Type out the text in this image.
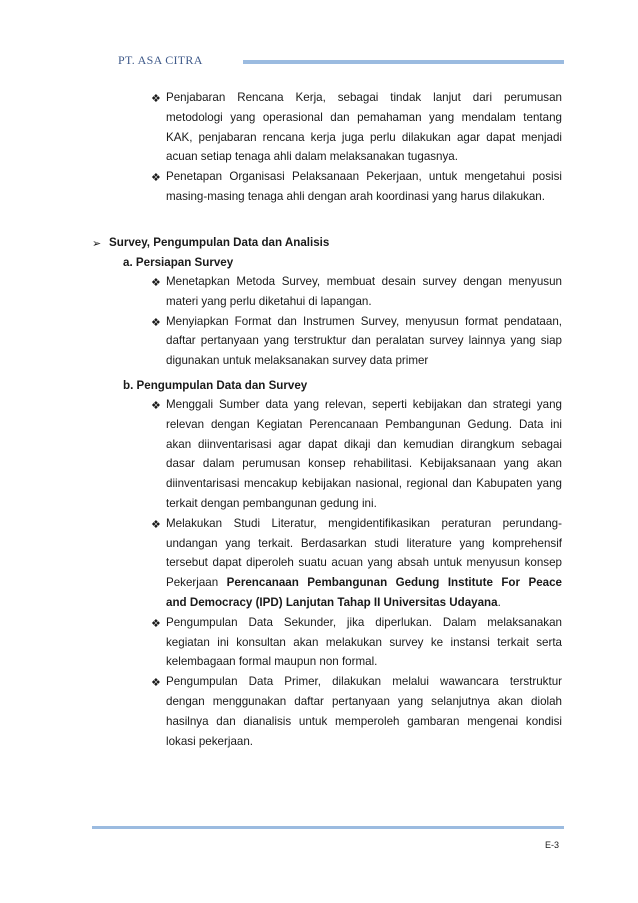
PT. ASA CITRA
❖ Penjabaran Rencana Kerja, sebagai tindak lanjut dari perumusan
metodologi yang operasional dan pemahaman yang mendalam tentang
KAK, penjabaran rencana kerja juga perlu dilakukan agar dapat menjadi
acuan setiap tenaga ahli dalam melaksanakan tugasnya.
❖ Penetapan Organisasi Pelaksanaan Pekerjaan, untuk mengetahui posisi
masing-masing tenaga ahli dengan arah koordinasi yang harus dilakukan.
➢ Survey, Pengumpulan Data dan Analisis
a. Persiapan Survey
❖ Menetapkan Metoda Survey, membuat desain survey dengan menyusun
materi yang perlu diketahui di lapangan.
❖ Menyiapkan Format dan Instrumen Survey, menyusun format pendataan,
daftar pertanyaan yang terstruktur dan peralatan survey lainnya yang siap
digunakan untuk melaksanakan survey data primer
b. Pengumpulan Data dan Survey
❖ Menggali Sumber data yang relevan, seperti kebijakan dan strategi yang
relevan dengan Kegiatan Perencanaan Pembangunan Gedung. Data ini
akan diinventarisasi agar dapat dikaji dan kemudian dirangkum sebagai
dasar dalam perumusan konsep rehabilitasi. Kebijaksanaan yang akan
diinventarisasi mencakup kebijakan nasional, regional dan Kabupaten yang
terkait dengan pembangunan gedung ini.
❖ Melakukan Studi Literatur, mengidentifikasikan peraturan perundang-
undangan yang terkait. Berdasarkan studi literature yang komprehensif
tersebut dapat diperoleh suatu acuan yang absah untuk menyusun konsep
Pekerjaan Perencanaan Pembangunan Gedung Institute For Peace
and Democracy (IPD) Lanjutan Tahap II Universitas Udayana.
❖ Pengumpulan Data Sekunder, jika diperlukan. Dalam melaksanakan
kegiatan ini konsultan akan melakukan survey ke instansi terkait serta
kelembagaan formal maupun non formal.
❖ Pengumpulan Data Primer, dilakukan melalui wawancara terstruktur
dengan menggunakan daftar pertanyaan yang selanjutnya akan diolah
hasilnya dan dianalisis untuk memperoleh gambaran mengenai kondisi
lokasi pekerjaan.
E-3
